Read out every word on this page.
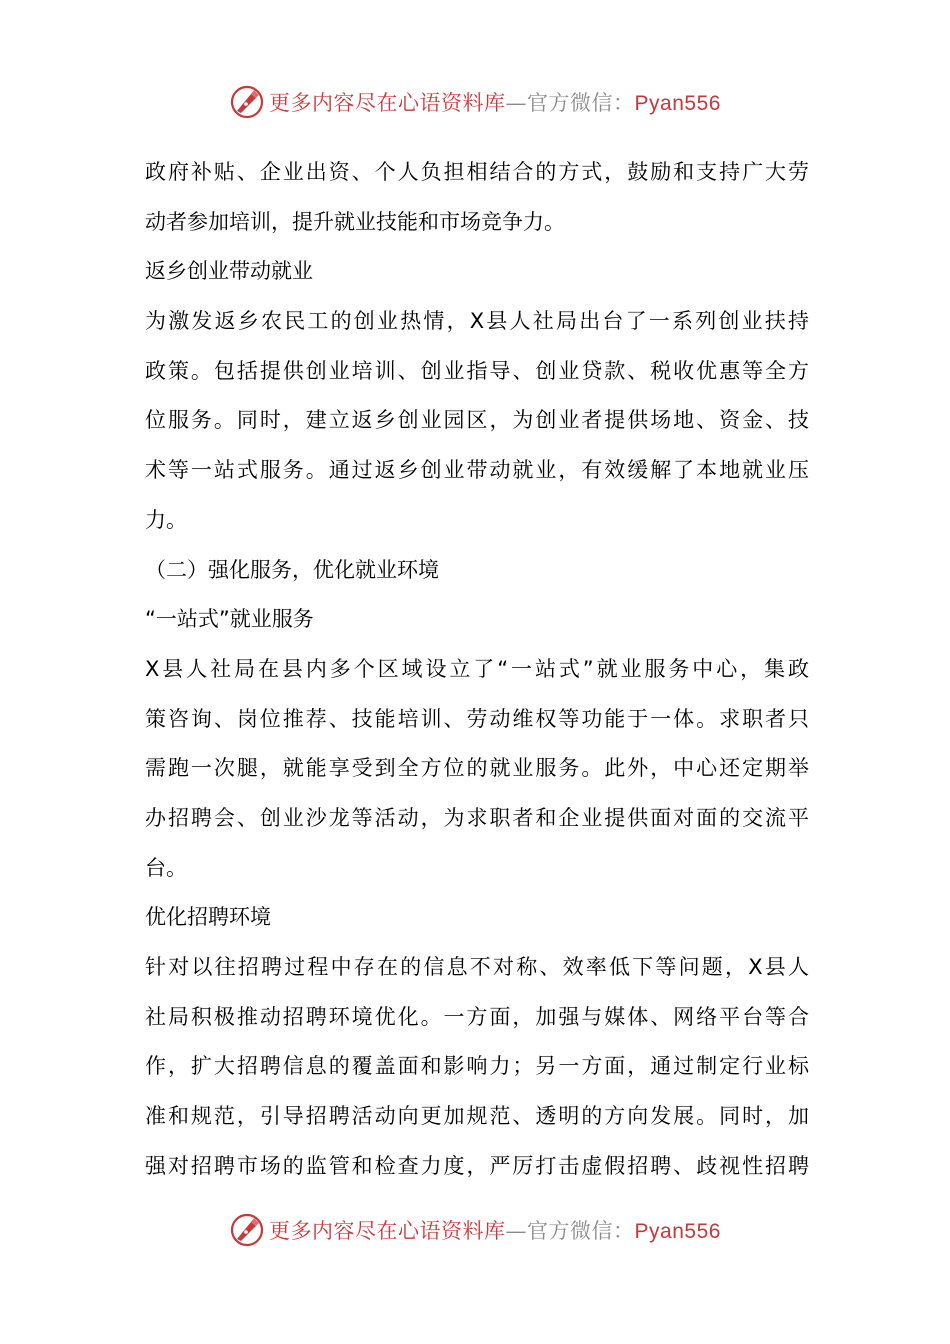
更多内容尽在心语资料库—官方微信：Pyan556
政府补贴、企业出资、个人负担相结合的方式，鼓励和支持广大劳
动者参加培训，提升就业技能和市场竞争力。
返乡创业带动就业
为激发返乡农民工的创业热情，X县人社局出台了一系列创业扶持
政策。包括提供创业培训、创业指导、创业贷款、税收优惠等全方
位服务。同时，建立返乡创业园区，为创业者提供场地、资金、技
术等一站式服务。通过返乡创业带动就业，有效缓解了本地就业压
力。
（二）强化服务，优化就业环境
“一站式”就业服务
X县人社局在县内多个区域设立了“一站式”就业服务中心，集政
策咨询、岗位推荐、技能培训、劳动维权等功能于一体。求职者只
需跑一次腿，就能享受到全方位的就业服务。此外，中心还定期举
办招聘会、创业沙龙等活动，为求职者和企业提供面对面的交流平
台。
优化招聘环境
针对以往招聘过程中存在的信息不对称、效率低下等问题，X县人
社局积极推动招聘环境优化。一方面，加强与媒体、网络平台等合
作，扩大招聘信息的覆盖面和影响力；另一方面，通过制定行业标
准和规范，引导招聘活动向更加规范、透明的方向发展。同时，加
强对招聘市场的监管和检查力度，严厉打击虚假招聘、歧视性招聘
更多内容尽在心语资料库—官方微信：Pyan556
